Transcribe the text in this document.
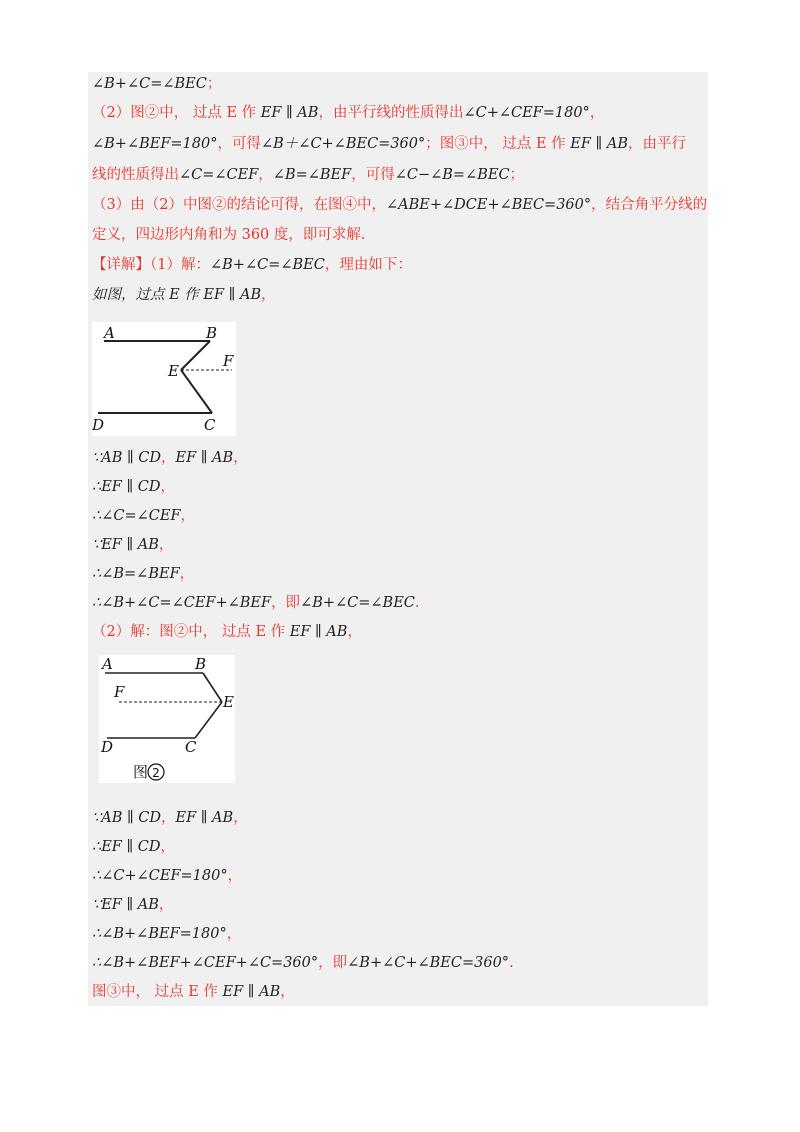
∠B+∠C=∠BEC；
（2）图②中， 过点 E 作 EF ∥ AB，由平行线的性质得出∠C+∠CEF=180°，
∠B+∠BEF=180°，可得∠B＋∠C+∠BEC=360°；图③中， 过点 E 作 EF ∥ AB，由平行
线的性质得出∠C=∠CEF，∠B=∠BEF，可得∠C−∠B=∠BEC；
（3）由（2）中图②的结论可得，在图④中，∠ABE+∠DCE+∠BEC=360°，结合角平分线的
定义，四边形内角和为 360 度，即可求解.
【详解】（1）解：∠B+∠C=∠BEC，理由如下：
如图，过点 E 作 EF ∥ AB，
∵AB ∥ CD，EF ∥ AB，
∴EF ∥ CD，
∴∠C=∠CEF，
∵EF ∥ AB，
∴∠B=∠BEF，
∴∠B+∠C=∠CEF+∠BEF，即∠B+∠C=∠BEC.
（2）解：图②中， 过点 E 作 EF ∥ AB，
∵AB ∥ CD，EF ∥ AB，
∴EF ∥ CD，
∴∠C+∠CEF=180°，
∵EF ∥ AB，
∴∠B+∠BEF=180°，
∴∠B+∠BEF+∠CEF+∠C=360°，即∠B+∠C+∠BEC=360°.
图③中， 过点 E 作 EF ∥ AB，
A	B
E
F
D	C
A	B
F
E
D	C
图 2
